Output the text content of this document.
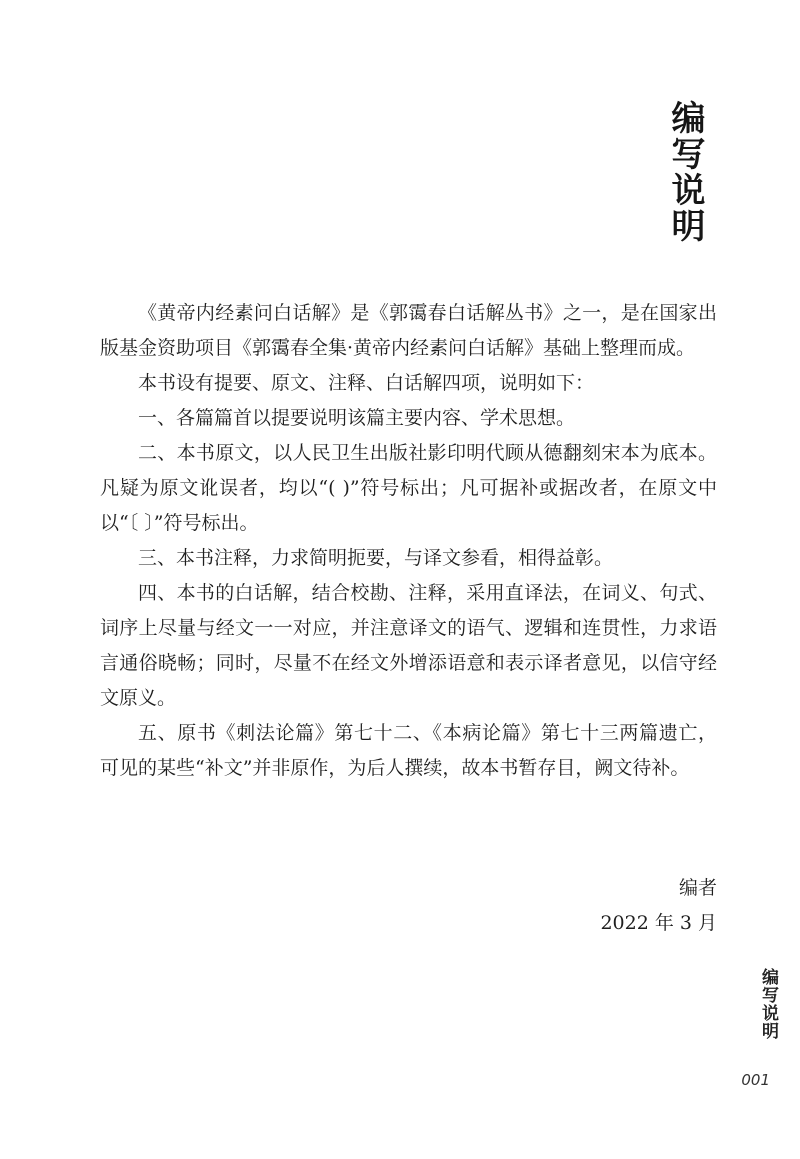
编写说明

《黄帝内经素问白话解》是《郭霭春白话解丛书》之一，是在国家出版基金资助项目《郭霭春全集·黄帝内经素问白话解》基础上整理而成。

本书设有提要、原文、注释、白话解四项，说明如下：

一、各篇篇首以提要说明该篇主要内容、学术思想。

二、本书原文，以人民卫生出版社影印明代顾从德翻刻宋本为底本。凡疑为原文讹误者，均以“( )”符号标出；凡可据补或据改者，在原文中以“〔 〕”符号标出。

三、本书注释，力求简明扼要，与译文参看，相得益彰。

四、本书的白话解，结合校勘、注释，采用直译法，在词义、句式、词序上尽量与经文一一对应，并注意译文的语气、逻辑和连贯性，力求语言通俗晓畅；同时，尽量不在经文外增添语意和表示译者意见，以信守经文原义。

五、原书《刺法论篇》第七十二、《本病论篇》第七十三两篇遗亡，可见的某些“补文”并非原作，为后人撰续，故本书暂存目，阙文待补。

编者
2022 年 3 月
编写说明
001
